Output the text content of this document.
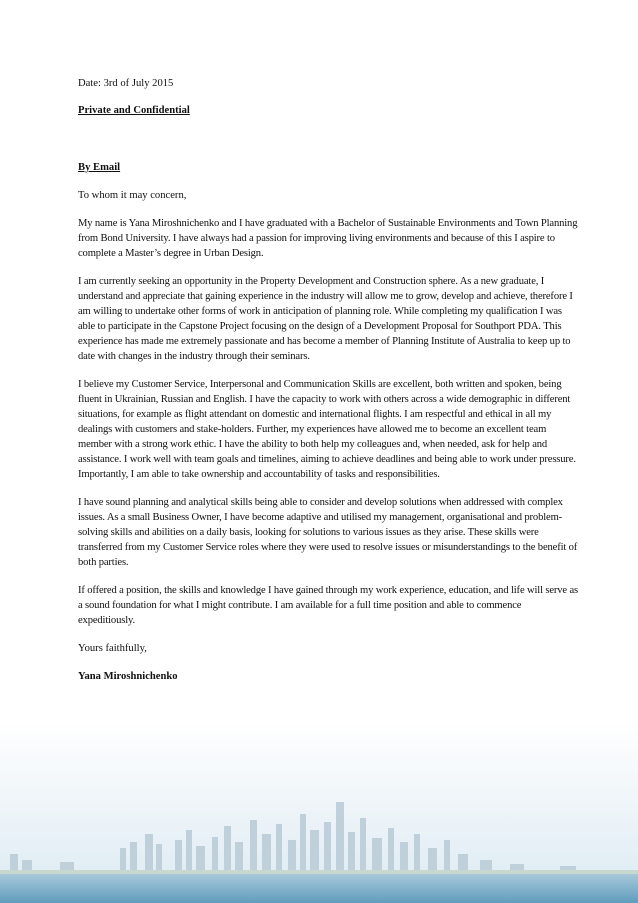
Date: 3rd of July 2015

Private and Confidential

By Email

To whom it may concern,

My name is Yana Miroshnichenko and I have graduated with a Bachelor of Sustainable Environments and Town Planning from Bond University. I have always had a passion for improving living environments and because of this I aspire to complete a Master’s degree in Urban Design.

I am currently seeking an opportunity in the Property Development and Construction sphere. As a new graduate, I understand and appreciate that gaining experience in the industry will allow me to grow, develop and achieve, therefore I am willing to undertake other forms of work in anticipation of planning role. While completing my qualification I was able to participate in the Capstone Project focusing on the design of a Development Proposal for Southport PDA. This experience has made me extremely passionate and has become a member of Planning Institute of Australia to keep up to date with changes in the industry through their seminars.

I believe my Customer Service, Interpersonal and Communication Skills are excellent, both written and spoken, being fluent in Ukrainian, Russian and English. I have the capacity to work with others across a wide demographic in different situations, for example as flight attendant on domestic and international flights. I am respectful and ethical in all my dealings with customers and stake-holders. Further, my experiences have allowed me to become an excellent team member with a strong work ethic. I have the ability to both help my colleagues and, when needed, ask for help and assistance. I work well with team goals and timelines, aiming to achieve deadlines and being able to work under pressure. Importantly, I am able to take ownership and accountability of tasks and responsibilities.

I have sound planning and analytical skills being able to consider and develop solutions when addressed with complex issues. As a small Business Owner, I have become adaptive and utilised my management, organisational and problem-solving skills and abilities on a daily basis, looking for solutions to various issues as they arise. These skills were transferred from my Customer Service roles where they were used to resolve issues or misunderstandings to the benefit of both parties.

If offered a position, the skills and knowledge I have gained through my work experience, education, and life will serve as a sound foundation for what I might contribute. I am available for a full time position and able to commence expeditiously.

Yours faithfully,

Yana Miroshnichenko
